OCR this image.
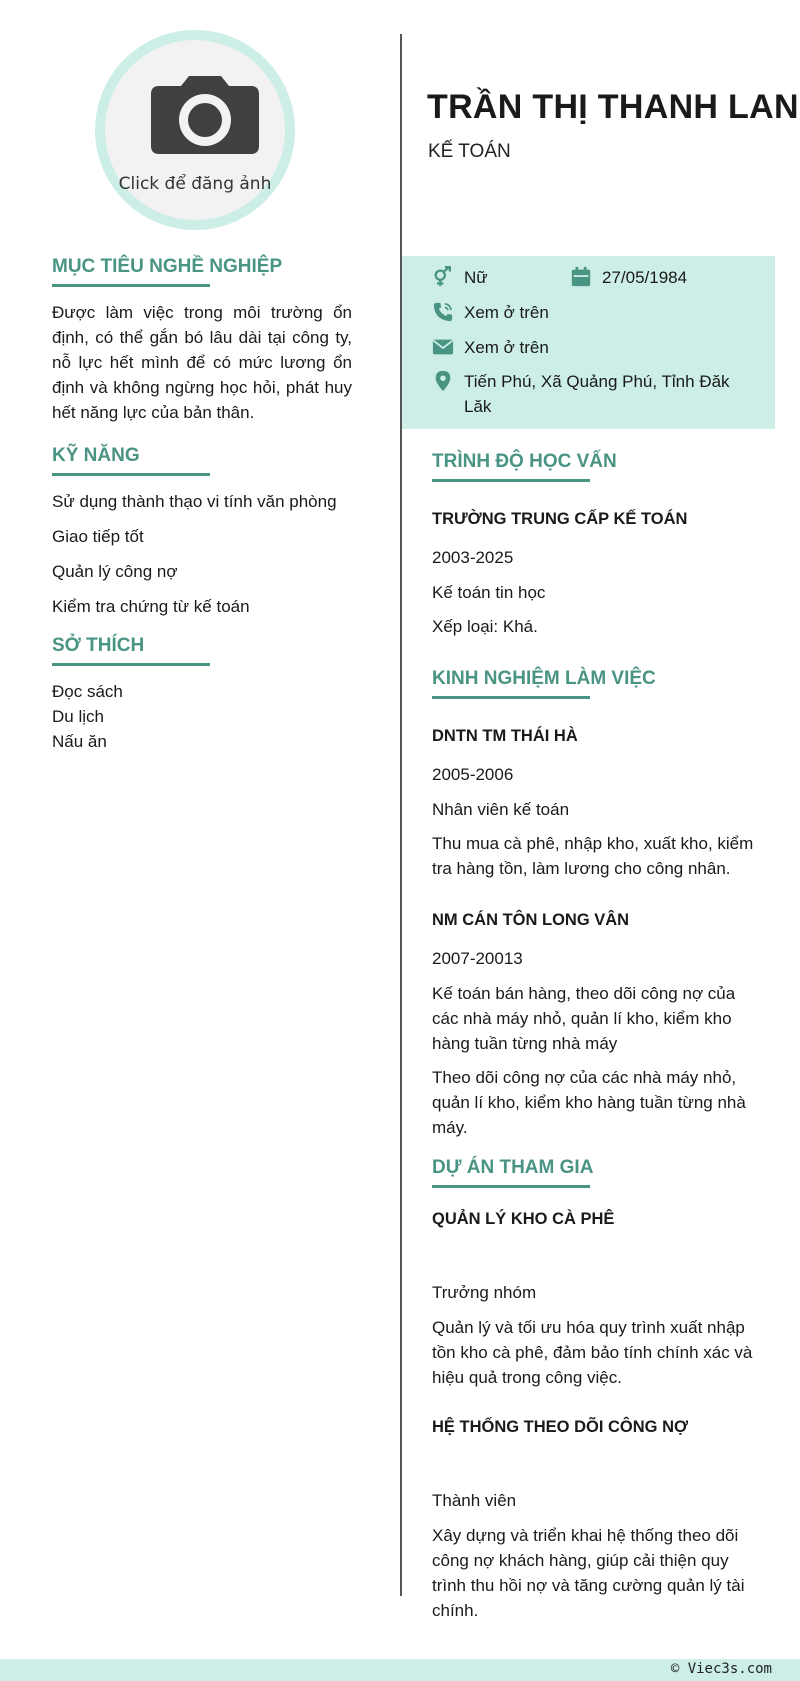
Click để đăng ảnh
MỤC TIÊU NGHỀ NGHIỆP

Được làm việc trong môi trường ổn định, có thể gắn bó lâu dài tại công ty, nỗ lực hết mình để có mức lương ổn định và không ngừng học hỏi, phát huy hết năng lực của bản thân.

KỸ NĂNG
Sử dụng thành thạo vi tính văn phòng
Giao tiếp tốt
Quản lý công nợ
Kiểm tra chứng từ kế toán
SỞ THÍCH
Đọc sách
Du lịch
Nấu ăn
TRẦN THỊ THANH LAN
KẾ TOÁN
Nữ	27/05/1984
Xem ở trên
Xem ở trên
Tiến Phú, Xã Quảng Phú, Tỉnh Đăk Lăk
TRÌNH ĐỘ HỌC VẤN
TRƯỜNG TRUNG CẤP KẾ TOÁN
2003-2025
Kế toán tin học
Xếp loại: Khá.
KINH NGHIỆM LÀM VIỆC
DNTN TM THÁI HÀ
2005-2006
Nhân viên kế toán
Thu mua cà phê, nhập kho, xuất kho, kiểm tra hàng tồn, làm lương cho công nhân.
NM CÁN TÔN LONG VÂN
2007-20013
Kế toán bán hàng, theo dõi công nợ của các nhà máy nhỏ, quản lí kho, kiểm kho hàng tuần từng nhà máy
Theo dõi công nợ của các nhà máy nhỏ, quản lí kho, kiểm kho hàng tuần từng nhà máy.
DỰ ÁN THAM GIA
QUẢN LÝ KHO CÀ PHÊ
Trưởng nhóm
Quản lý và tối ưu hóa quy trình xuất nhập tồn kho cà phê, đảm bảo tính chính xác và hiệu quả trong công việc.
HỆ THỐNG THEO DÕI CÔNG NỢ
Thành viên
Xây dựng và triển khai hệ thống theo dõi công nợ khách hàng, giúp cải thiện quy trình thu hồi nợ và tăng cường quản lý tài chính.
© Viec3s.com
